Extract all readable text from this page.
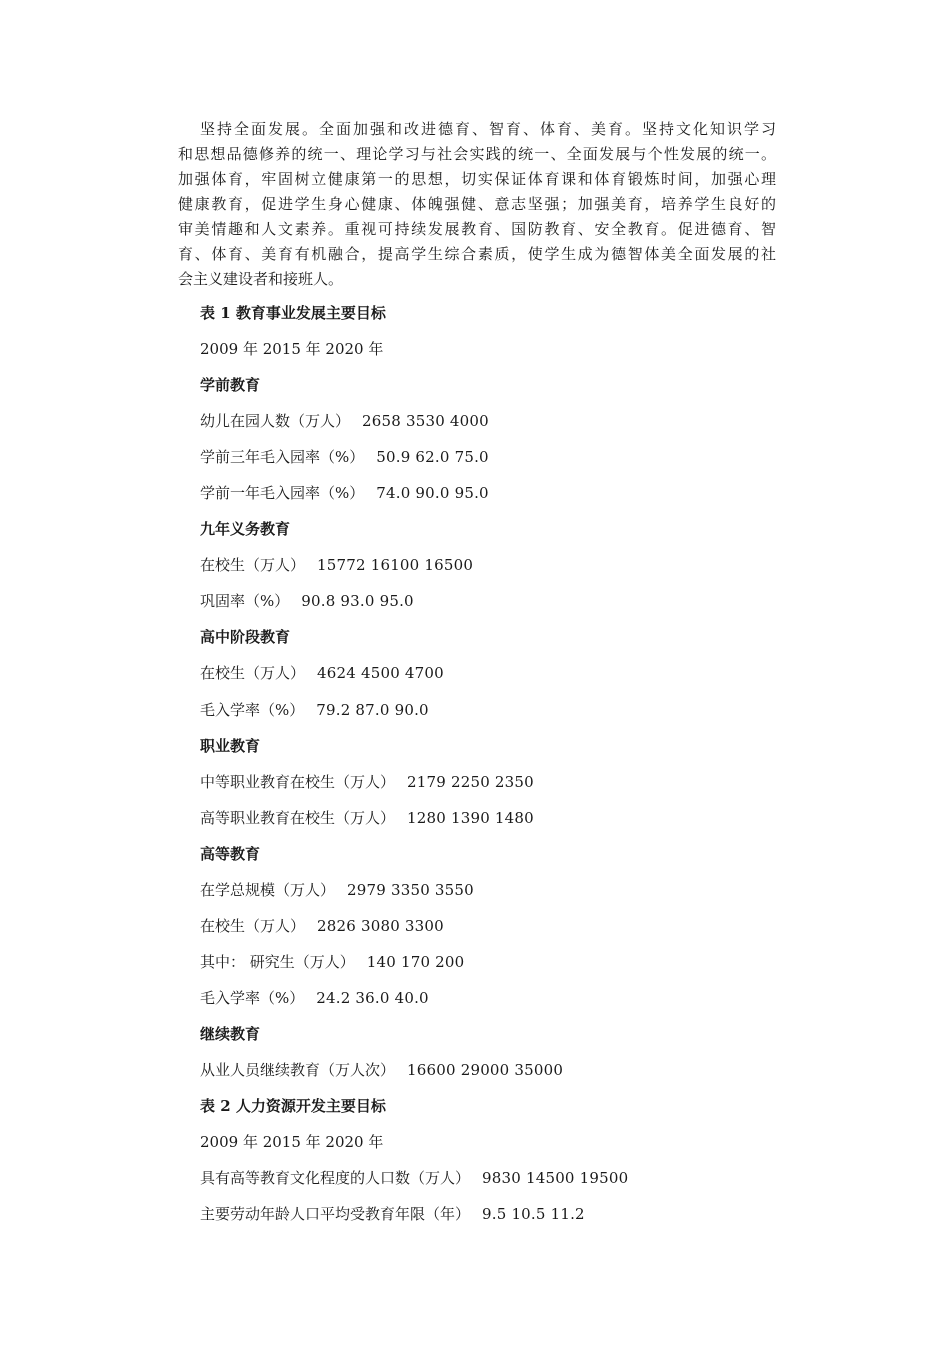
坚持全面发展。全面加强和改进德育、智育、体育、美育。坚持文化知识学习
和思想品德修养的统一、理论学习与社会实践的统一、全面发展与个性发展的统一。
加强体育，牢固树立健康第一的思想，切实保证体育课和体育锻炼时间，加强心理
健康教育，促进学生身心健康、体魄强健、意志坚强；加强美育，培养学生良好的
审美情趣和人文素养。重视可持续发展教育、国防教育、安全教育。促进德育、智
育、体育、美育有机融合，提高学生综合素质，使学生成为德智体美全面发展的社
会主义建设者和接班人。
表 1 教育事业发展主要目标
2009 年 2015 年 2020 年
学前教育
幼儿在园人数（万人） 2658 3530 4000
学前三年毛入园率（%） 50.9 62.0 75.0
学前一年毛入园率（%） 74.0 90.0 95.0
九年义务教育
在校生（万人） 15772 16100 16500
巩固率（%） 90.8 93.0 95.0
高中阶段教育
在校生（万人） 4624 4500 4700
毛入学率（%） 79.2 87.0 90.0
职业教育
中等职业教育在校生（万人） 2179 2250 2350
高等职业教育在校生（万人） 1280 1390 1480
高等教育
在学总规模（万人） 2979 3350 3550
在校生（万人） 2826 3080 3300
其中： 研究生（万人） 140 170 200
毛入学率（%） 24.2 36.0 40.0
继续教育
从业人员继续教育（万人次） 16600 29000 35000
表 2 人力资源开发主要目标
2009 年 2015 年 2020 年
具有高等教育文化程度的人口数（万人） 9830 14500 19500
主要劳动年龄人口平均受教育年限（年） 9.5 10.5 11.2
